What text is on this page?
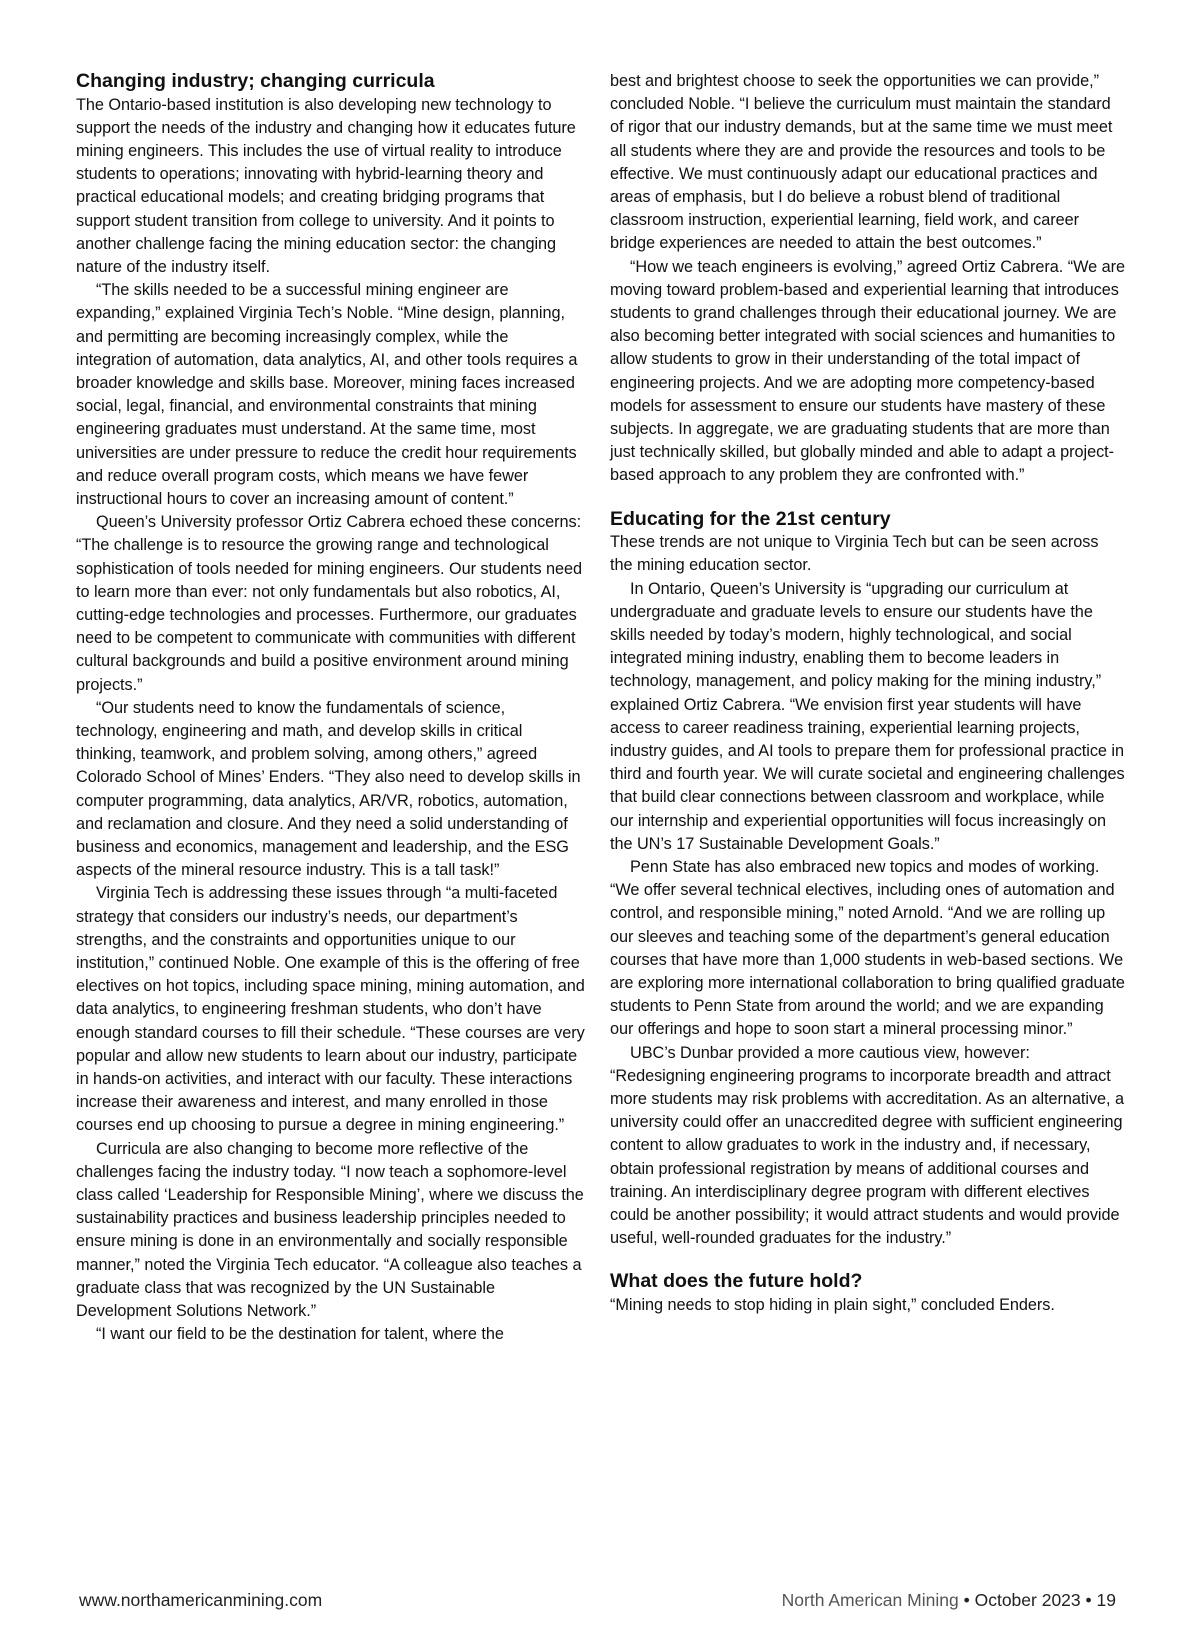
Changing industry; changing curricula

The Ontario-based institution is also developing new technology to support the needs of the industry and changing how it educates future mining engineers. This includes the use of virtual reality to introduce students to operations; innovating with hybrid-learning theory and practical educational models; and creating bridging programs that support student transition from college to university. And it points to another challenge facing the mining education sector: the changing nature of the industry itself.

“The skills needed to be a successful mining engineer are expanding,” explained Virginia Tech’s Noble. “Mine design, planning, and permitting are becoming increasingly complex, while the integration of automation, data analytics, AI, and other tools requires a broader knowledge and skills base. Moreover, mining faces increased social, legal, financial, and environmental constraints that mining engineering graduates must understand. At the same time, most universities are under pressure to reduce the credit hour requirements and reduce overall program costs, which means we have fewer instructional hours to cover an increasing amount of content.”

Queen’s University professor Ortiz Cabrera echoed these concerns: “The challenge is to resource the growing range and technological sophistication of tools needed for mining engineers. Our students need to learn more than ever: not only fundamentals but also robotics, AI, cutting-edge technologies and processes. Furthermore, our graduates need to be competent to communicate with communities with different cultural backgrounds and build a positive environment around mining projects.”

“Our students need to know the fundamentals of science, technology, engineering and math, and develop skills in critical thinking, teamwork, and problem solving, among others,” agreed Colorado School of Mines’ Enders. “They also need to develop skills in computer programming, data analytics, AR/VR, robotics, automation, and reclamation and closure. And they need a solid understanding of business and economics, management and leadership, and the ESG aspects of the mineral resource industry. This is a tall task!”

Virginia Tech is addressing these issues through “a multi-faceted strategy that considers our industry’s needs, our department’s strengths, and the constraints and opportunities unique to our institution,” continued Noble. One example of this is the offering of free electives on hot topics, including space mining, mining automation, and data analytics, to engineering freshman students, who don’t have enough standard courses to fill their schedule. “These courses are very popular and allow new students to learn about our industry, participate in hands-on activities, and interact with our faculty. These interactions increase their awareness and interest, and many enrolled in those courses end up choosing to pursue a degree in mining engineering.”

Curricula are also changing to become more reflective of the challenges facing the industry today. “I now teach a sophomore-level class called ‘Leadership for Responsible Mining’, where we discuss the sustainability practices and business leadership principles needed to ensure mining is done in an environmentally and socially responsible manner,” noted the Virginia Tech educator. “A colleague also teaches a graduate class that was recognized by the UN Sustainable Development Solutions Network.”

“I want our field to be the destination for talent, where the

best and brightest choose to seek the opportunities we can provide,” concluded Noble. “I believe the curriculum must maintain the standard of rigor that our industry demands, but at the same time we must meet all students where they are and provide the resources and tools to be effective. We must continuously adapt our educational practices and areas of emphasis, but I do believe a robust blend of traditional classroom instruction, experiential learning, field work, and career bridge experiences are needed to attain the best outcomes.”

“How we teach engineers is evolving,” agreed Ortiz Cabrera. “We are moving toward problem-based and experiential learning that introduces students to grand challenges through their educational journey. We are also becoming better integrated with social sciences and humanities to allow students to grow in their understanding of the total impact of engineering projects. And we are adopting more competency-based models for assessment to ensure our students have mastery of these subjects. In aggregate, we are graduating students that are more than just technically skilled, but globally minded and able to adapt a project-based approach to any problem they are confronted with.”

Educating for the 21st century

These trends are not unique to Virginia Tech but can be seen across the mining education sector.

In Ontario, Queen’s University is “upgrading our curriculum at undergraduate and graduate levels to ensure our students have the skills needed by today’s modern, highly technological, and social integrated mining industry, enabling them to become leaders in technology, management, and policy making for the mining industry,” explained Ortiz Cabrera. “We envision first year students will have access to career readiness training, experiential learning projects, industry guides, and AI tools to prepare them for professional practice in third and fourth year. We will curate societal and engineering challenges that build clear connections between classroom and workplace, while our internship and experiential opportunities will focus increasingly on the UN’s 17 Sustainable Development Goals.”

Penn State has also embraced new topics and modes of working. “We offer several technical electives, including ones of automation and control, and responsible mining,” noted Arnold. “And we are rolling up our sleeves and teaching some of the department’s general education courses that have more than 1,000 students in web-based sections. We are exploring more international collaboration to bring qualified graduate students to Penn State from around the world; and we are expanding our offerings and hope to soon start a mineral processing minor.”

UBC’s Dunbar provided a more cautious view, however: “Redesigning engineering programs to incorporate breadth and attract more students may risk problems with accreditation. As an alternative, a university could offer an unaccredited degree with sufficient engineering content to allow graduates to work in the industry and, if necessary, obtain professional registration by means of additional courses and training. An interdisciplinary degree program with different electives could be another possibility; it would attract students and would provide useful, well-rounded graduates for the industry.”

What does the future hold?

“Mining needs to stop hiding in plain sight,” concluded Enders.

www.northamericanmining.com	North American Mining • October 2023 • 19
